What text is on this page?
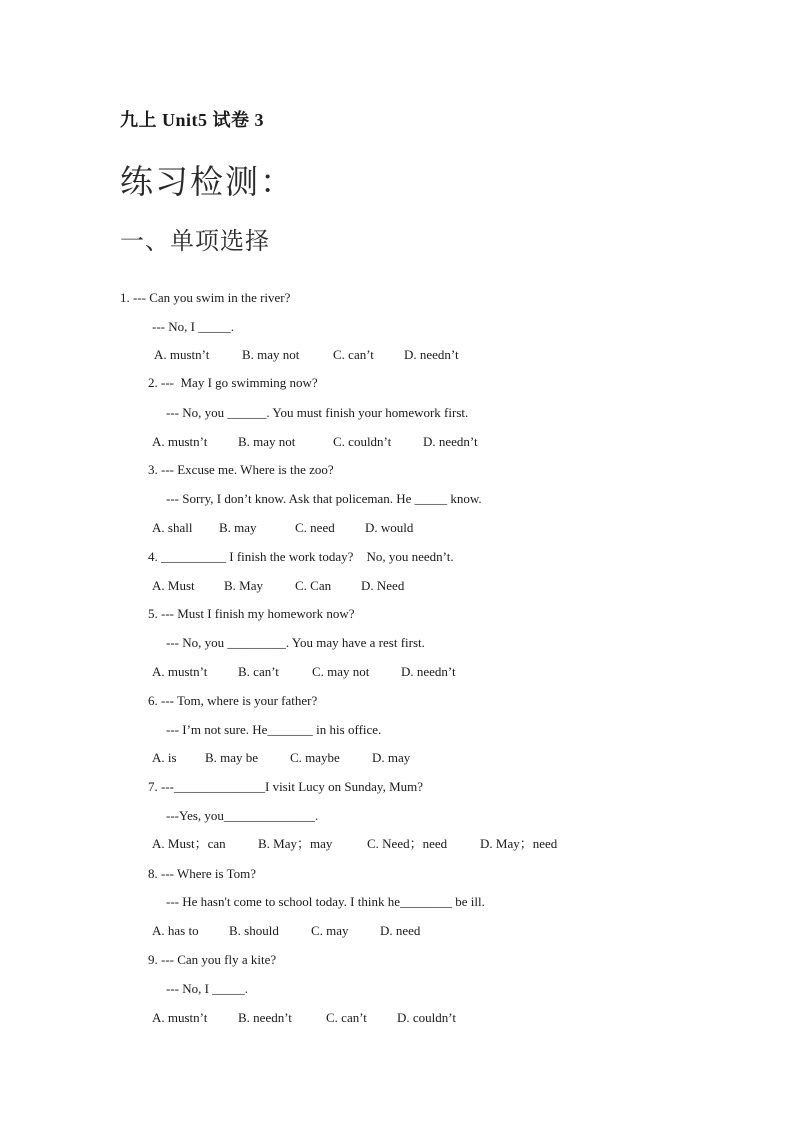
九上 Unit5 试卷 3
练习检测：
一、单项选择
1. --- Can you swim in the river?
--- No, I _____.
A. mustn’t	B. may not	C. can’t D. needn’t
2. ---  May I go swimming now?
--- No, you ______. You must finish your homework first.
A. mustn’t B. may not	C. couldn’t D. needn’t
3. --- Excuse me. Where is the zoo?
--- Sorry, I don’t know. Ask that policeman. He _____ know.
A. shall B. may	C. need D. would
4. __________ I finish the work today?    No, you needn’t.
A. Must B. May C. Can D. Need
5. --- Must I finish my homework now?
--- No, you _________. You may have a rest first.
A. mustn’t B. can’t	C. may not D. needn’t
6. --- Tom, where is your father?
--- I’m not sure. He_______ in his office.
A. is B. may be C. maybe D. may
7. ---______________I visit Lucy on Sunday, Mum?
---Yes, you______________.
A. Must；can B. May；may	C. Need；need	D. May；need
8. --- Where is Tom?
--- He hasn't come to school today. I think he________ be ill.
A. has to B. should C. may D. need
9. --- Can you fly a kite?
--- No, I _____.
A. mustn’t B. needn’t	C. can’t D. couldn’t
